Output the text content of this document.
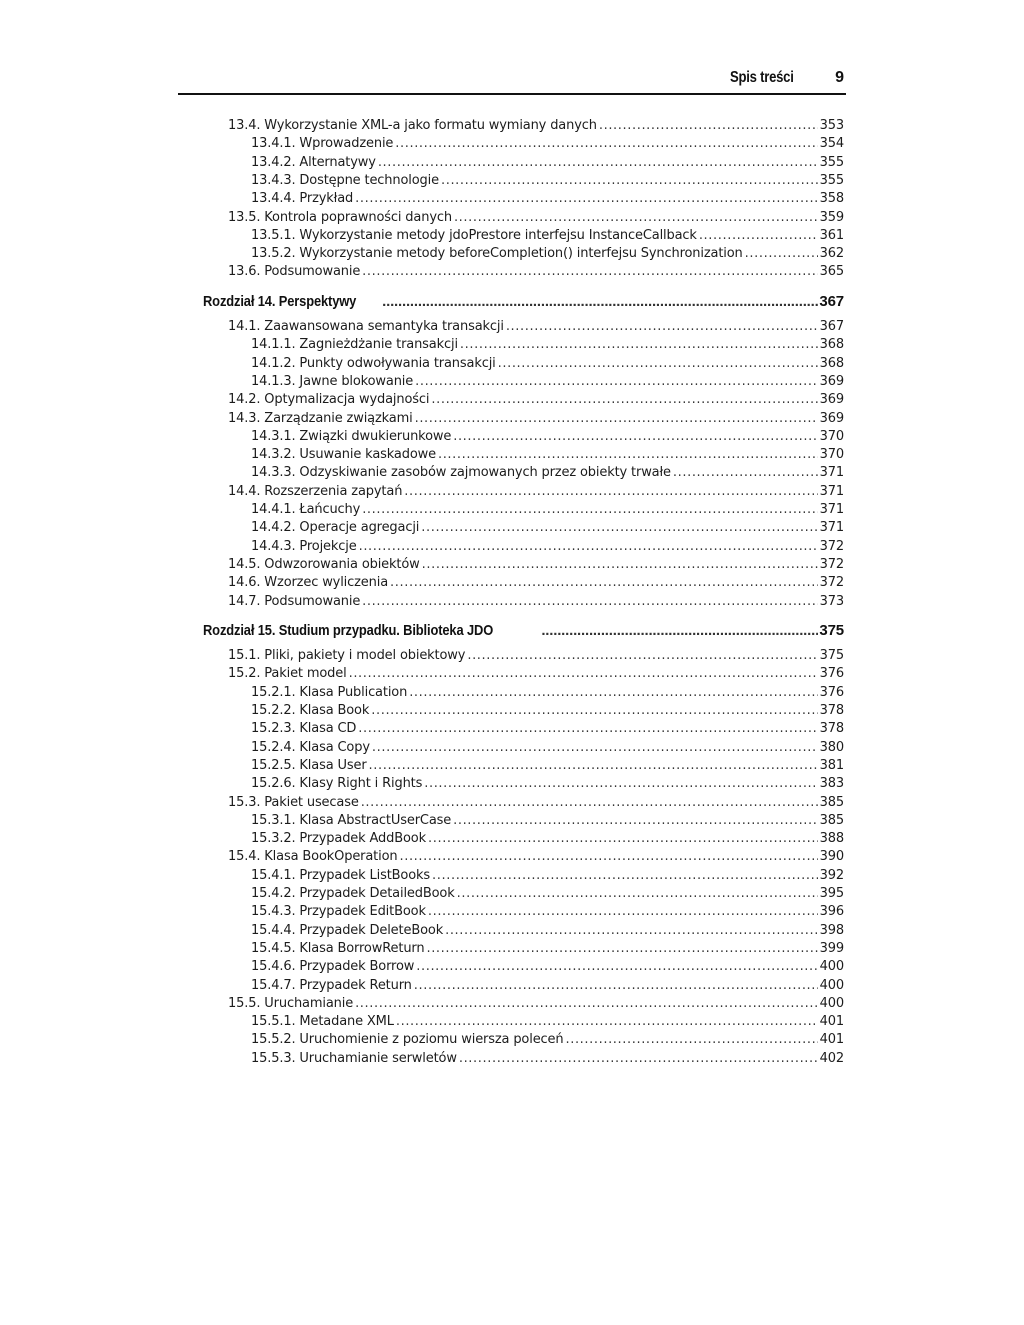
Spis treści	9
13.4. Wykorzystanie XML-a jako formatu wymiany danych .....	353
13.4.1. Wprowadzenie .....	354
13.4.2. Alternatywy .....	355
13.4.3. Dostępne technologie .....	355
13.4.4. Przykład .....	358
13.5. Kontrola poprawności danych .....	359
13.5.1. Wykorzystanie metody jdoPrestore interfejsu InstanceCallback .....	361
13.5.2. Wykorzystanie metody beforeCompletion() interfejsu Synchronization .....	362
13.6. Podsumowanie .....	365
Rozdział 14. Perspektywy .....	367
14.1. Zaawansowana semantyka transakcji .....	367
14.1.1. Zagnieżdżanie transakcji .....	368
14.1.2. Punkty odwoływania transakcji .....	368
14.1.3. Jawne blokowanie .....	369
14.2. Optymalizacja wydajności .....	369
14.3. Zarządzanie związkami .....	369
14.3.1. Związki dwukierunkowe .....	370
14.3.2. Usuwanie kaskadowe .....	370
14.3.3. Odzyskiwanie zasobów zajmowanych przez obiekty trwałe .....	371
14.4. Rozszerzenia zapytań .....	371
14.4.1. Łańcuchy .....	371
14.4.2. Operacje agregacji .....	371
14.4.3. Projekcje .....	372
14.5. Odwzorowania obiektów .....	372
14.6. Wzorzec wyliczenia .....	372
14.7. Podsumowanie .....	373
Rozdział 15. Studium przypadku. Biblioteka JDO .....	375
15.1. Pliki, pakiety i model obiektowy .....	375
15.2. Pakiet model .....	376
15.2.1. Klasa Publication .....	376
15.2.2. Klasa Book .....	378
15.2.3. Klasa CD .....	378
15.2.4. Klasa Copy .....	380
15.2.5. Klasa User .....	381
15.2.6. Klasy Right i Rights .....	383
15.3. Pakiet usecase .....	385
15.3.1. Klasa AbstractUserCase .....	385
15.3.2. Przypadek AddBook .....	388
15.4. Klasa BookOperation .....	390
15.4.1. Przypadek ListBooks .....	392
15.4.2. Przypadek DetailedBook .....	395
15.4.3. Przypadek EditBook .....	396
15.4.4. Przypadek DeleteBook .....	398
15.4.5. Klasa BorrowReturn .....	399
15.4.6. Przypadek Borrow .....	400
15.4.7. Przypadek Return .....	400
15.5. Uruchamianie .....	400
15.5.1. Metadane XML .....	401
15.5.2. Uruchomienie z poziomu wiersza poleceń .....	401
15.5.3. Uruchamianie serwletów .....	402
